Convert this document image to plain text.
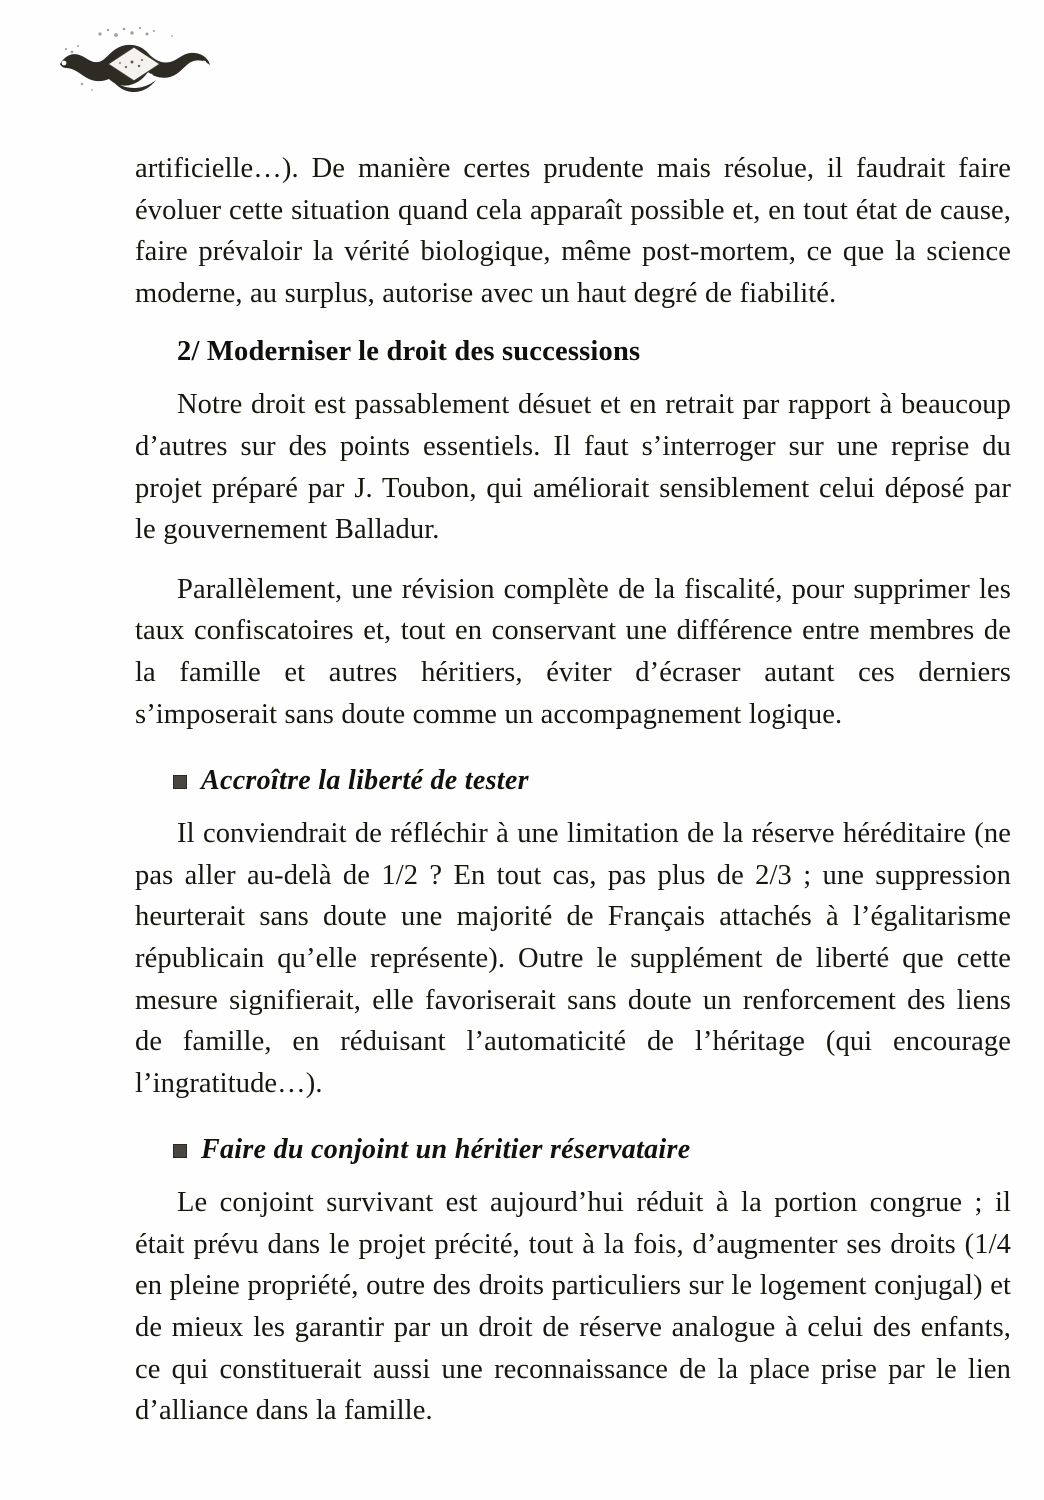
artificielle…). De manière certes prudente mais résolue, il faudrait faire évoluer cette situation quand cela apparaît possible et, en tout état de cause, faire prévaloir la vérité biologique, même post-mortem, ce que la science moderne, au surplus, autorise avec un haut degré de fiabilité.

2/ Moderniser le droit des successions

Notre droit est passablement désuet et en retrait par rapport à beaucoup d’autres sur des points essentiels. Il faut s’interroger sur une reprise du projet préparé par J. Toubon, qui améliorait sensiblement celui déposé par le gouvernement Balladur.

Parallèlement, une révision complète de la fiscalité, pour supprimer les taux confiscatoires et, tout en conservant une différence entre membres de la famille et autres héritiers, éviter d’écraser autant ces derniers s’imposerait sans doute comme un accompagnement logique.

Accroître la liberté de tester

Il conviendrait de réfléchir à une limitation de la réserve héréditaire (ne pas aller au-delà de 1/2 ? En tout cas, pas plus de 2/3 ; une suppression heurterait sans doute une majorité de Français attachés à l’égalitarisme républicain qu’elle représente). Outre le supplément de liberté que cette mesure signifierait, elle favoriserait sans doute un renforcement des liens de famille, en réduisant l’automaticité de l’héritage (qui encourage l’ingratitude…).

Faire du conjoint un héritier réservataire

Le conjoint survivant est aujourd’hui réduit à la portion congrue ; il était prévu dans le projet précité, tout à la fois, d’augmenter ses droits (1/4 en pleine propriété, outre des droits particuliers sur le logement conjugal) et de mieux les garantir par un droit de réserve analogue à celui des enfants, ce qui constituerait aussi une reconnaissance de la place prise par le lien d’alliance dans la famille.
